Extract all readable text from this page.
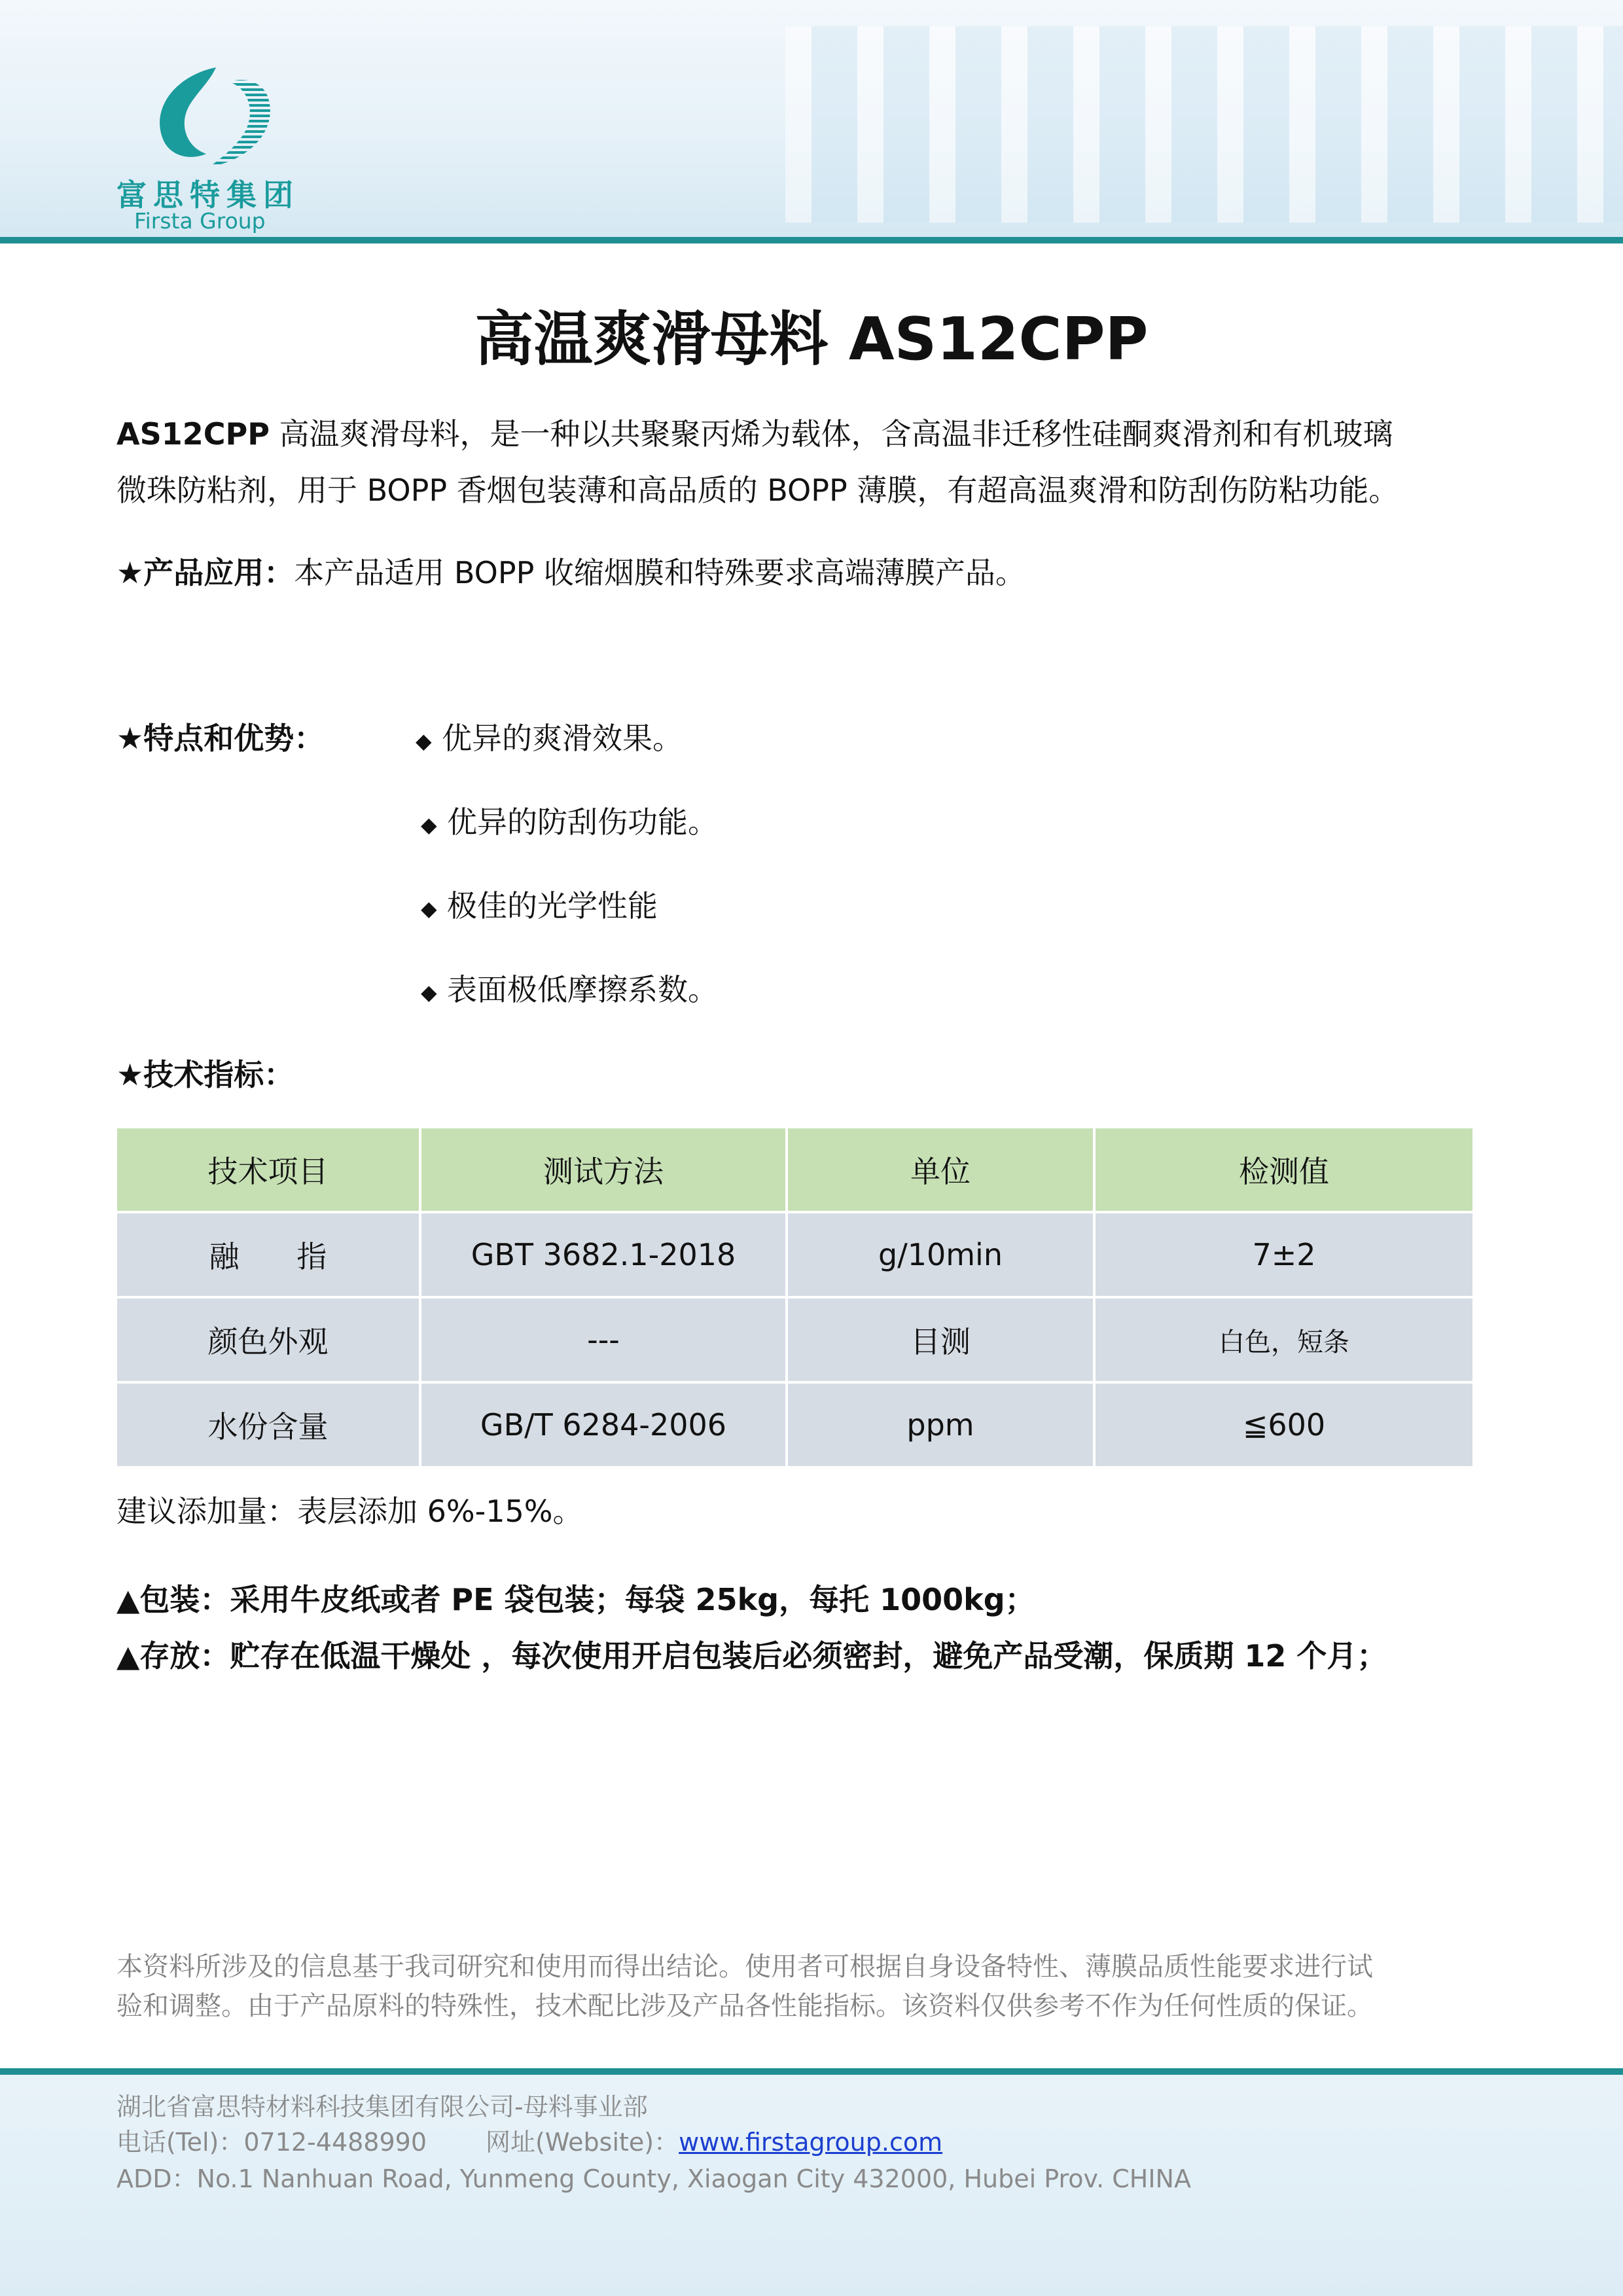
富思特集团
Firsta Group
高温爽滑母料 AS12CPP
AS12CPP 高温爽滑母料，是一种以共聚聚丙烯为载体，含高温非迁移性硅酮爽滑剂和有机玻璃
微珠防粘剂，用于 BOPP 香烟包装薄和高品质的 BOPP 薄膜，有超高温爽滑和防刮伤防粘功能。
★产品应用：本产品适用 BOPP 收缩烟膜和特殊要求高端薄膜产品。
★特点和优势：	◆ 优异的爽滑效果。
◆ 优异的防刮伤功能。
◆ 极佳的光学性能
◆ 表面极低摩擦系数。
★技术指标：
技术项目	测试方法	单位	检测值
融      指	GBT 3682.1-2018	g/10min	7±2
颜色外观	---	目测	白色，短条
水份含量	GB/T 6284-2006	ppm	≦600
建议添加量：表层添加 6%-15%。
▲包装：采用牛皮纸或者 PE 袋包装；每袋 25kg，每托 1000kg；
▲存放：贮存在低温干燥处 ，每次使用开启包装后必须密封，避免产品受潮，保质期 12 个月；
本资料所涉及的信息基于我司研究和使用而得出结论。使用者可根据自身设备特性、薄膜品质性能要求进行试
验和调整。由于产品原料的特殊性，技术配比涉及产品各性能指标。该资料仅供参考不作为任何性质的保证。
湖北省富思特材料科技集团有限公司-母料事业部
电话(Tel)：0712-4488990 网址(Website)：www.firstagroup.com
ADD：No.1 Nanhuan Road, Yunmeng County, Xiaogan City 432000, Hubei Prov. CHINA
